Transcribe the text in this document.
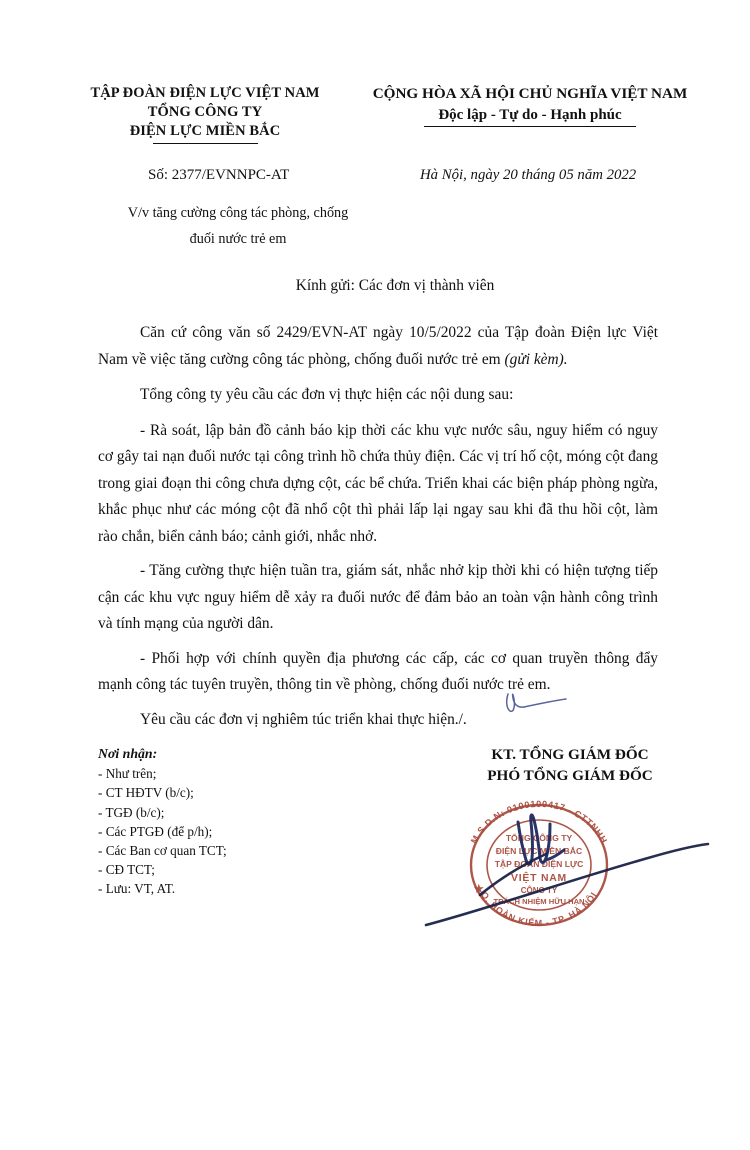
TẬP ĐOÀN ĐIỆN LỰC VIỆT NAM
TỔNG CÔNG TY
ĐIỆN LỰC MIỀN BẮC
CỘNG HÒA XÃ HỘI CHỦ NGHĨA VIỆT NAM
Độc lập - Tự do - Hạnh phúc
Số: 2377/EVNNPC-AT	Hà Nội, ngày 20 tháng 05 năm 2022
V/v tăng cường công tác phòng, chống
đuối nước trẻ em
Kính gửi: Các đơn vị thành viên

Căn cứ công văn số 2429/EVN-AT ngày 10/5/2022 của Tập đoàn Điện lực Việt Nam về việc tăng cường công tác phòng, chống đuối nước trẻ em (gửi kèm).

Tổng công ty yêu cầu các đơn vị thực hiện các nội dung sau:

- Rà soát, lập bản đồ cảnh báo kịp thời các khu vực nước sâu, nguy hiểm có nguy cơ gây tai nạn đuối nước tại công trình hồ chứa thủy điện. Các vị trí hố cột, móng cột đang trong giai đoạn thi công chưa dựng cột, các bể chứa. Triển khai các biện pháp phòng ngừa, khắc phục như các móng cột đã nhổ cột thì phải lấp lại ngay sau khi đã thu hồi cột, làm rào chắn, biển cảnh báo; cảnh giới, nhắc nhở.

- Tăng cường thực hiện tuần tra, giám sát, nhắc nhở kịp thời khi có hiện tượng tiếp cận các khu vực nguy hiểm dễ xảy ra đuối nước để đảm bảo an toàn vận hành công trình và tính mạng của người dân.

- Phối hợp với chính quyền địa phương các cấp, các cơ quan truyền thông đẩy mạnh công tác tuyên truyền, thông tin về phòng, chống đuối nước trẻ em.

Yêu cầu các đơn vị nghiêm túc triển khai thực hiện./.

Nơi nhận:
- Như trên;
- CT HĐTV (b/c);
- TGĐ (b/c);
- Các PTGĐ (để p/h);
- Các Ban cơ quan TCT;
- CĐ TCT;
- Lưu: VT, AT.
KT. TỔNG GIÁM ĐỐC
PHÓ TỔNG GIÁM ĐỐC
M.S.D.N: 0100100417 - CTTNHH
Q. HOÀN KIẾM - TP. HÀ NỘI
TỔNG CÔNG TY
ĐIỆN LỰC MIỀN BẮC
TẬP ĐOÀN ĐIỆN LỰC
VIỆT NAM
CÔNG TY
TRÁCH NHIỆM HỮU HẠN
★
